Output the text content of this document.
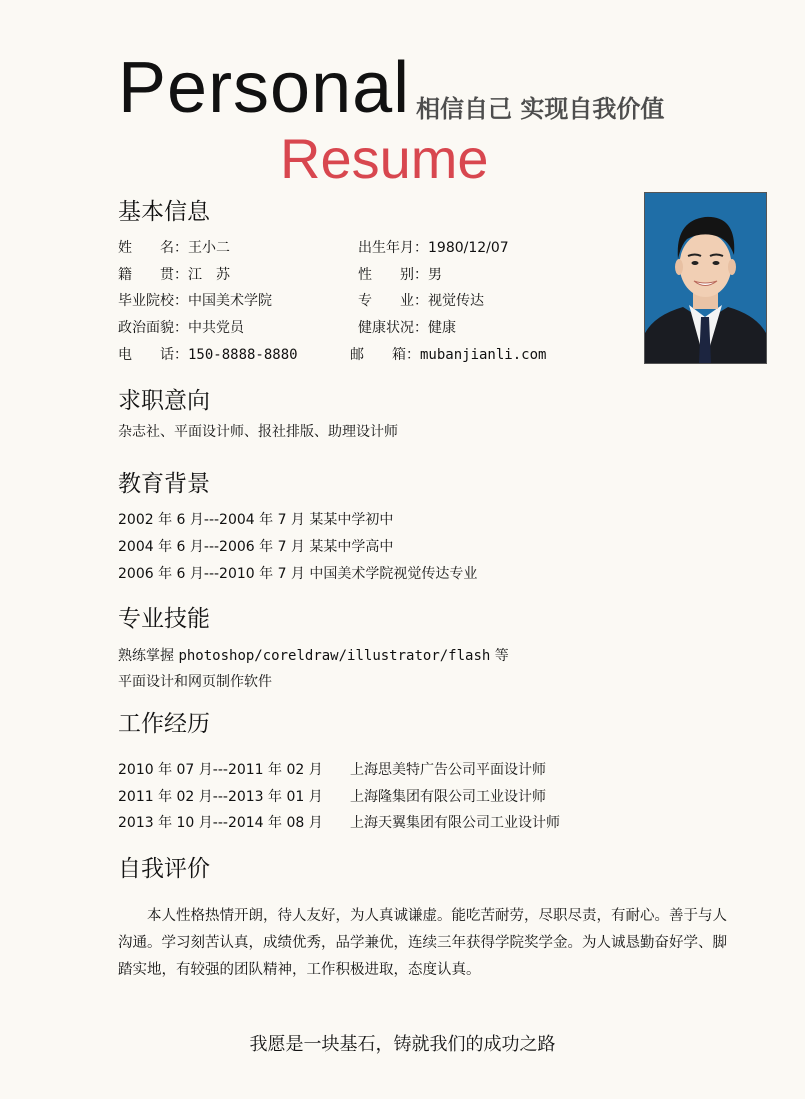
Personal 相信自己 实现自我价值
Resume
基本信息
姓　　名：王小二	出生年月：1980/12/07
籍　　贯：江　苏	性　　别：男
毕业院校：中国美术学院	专　　业：视觉传达
政治面貌：中共党员	健康状况：健康
电　　话：150-8888-8880	邮　　箱：mubanjianli.com
求职意向
杂志社、平面设计师、报社排版、助理设计师
教育背景
2002 年 6 月---2004 年 7 月 某某中学初中
2004 年 6 月---2006 年 7 月 某某中学高中
2006 年 6 月---2010 年 7 月 中国美术学院视觉传达专业
专业技能
熟练掌握 photoshop/coreldraw/illustrator/flash 等
平面设计和网页制作软件
工作经历
2010 年 07 月---2011 年 02 月 上海思美特广告公司平面设计师
2011 年 02 月---2013 年 01 月 上海隆集团有限公司工业设计师
2013 年 10 月---2014 年 08 月 上海天翼集团有限公司工业设计师
自我评价
本人性格热情开朗，待人友好，为人真诚谦虚。能吃苦耐劳，尽职尽责，有耐心。善于与人沟通。学习刻苦认真，成绩优秀，品学兼优，连续三年获得学院奖学金。为人诚恳勤奋好学、脚踏实地，有较强的团队精神，工作积极进取，态度认真。
我愿是一块基石，铸就我们的成功之路
